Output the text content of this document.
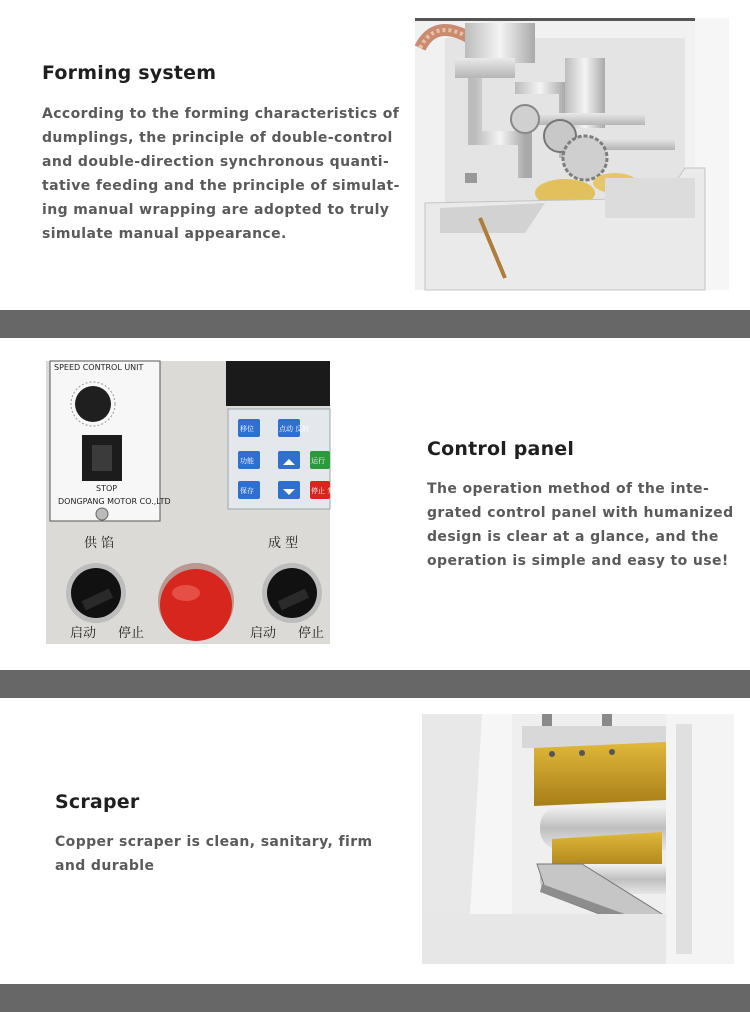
Forming system
According to the forming characteristics of
dumplings, the principle of double-control
and double-direction synchronous quanti-
tative feeding and the principle of simulat-
ing manual wrapping are adopted to truly
simulate manual appearance.
SPEED CONTROL UNIT
STOP
DONGPANG MOTOR CO.,LTD
移位	点动 反转
功能	运行
保存	停止 复位
供 馅	成 型
启动 停止	启动 停止
Control panel
The operation method of the inte-
grated control panel with humanized
design is clear at a glance, and the
operation is simple and easy to use!
Scraper
Copper scraper is clean, sanitary, firm
and durable
